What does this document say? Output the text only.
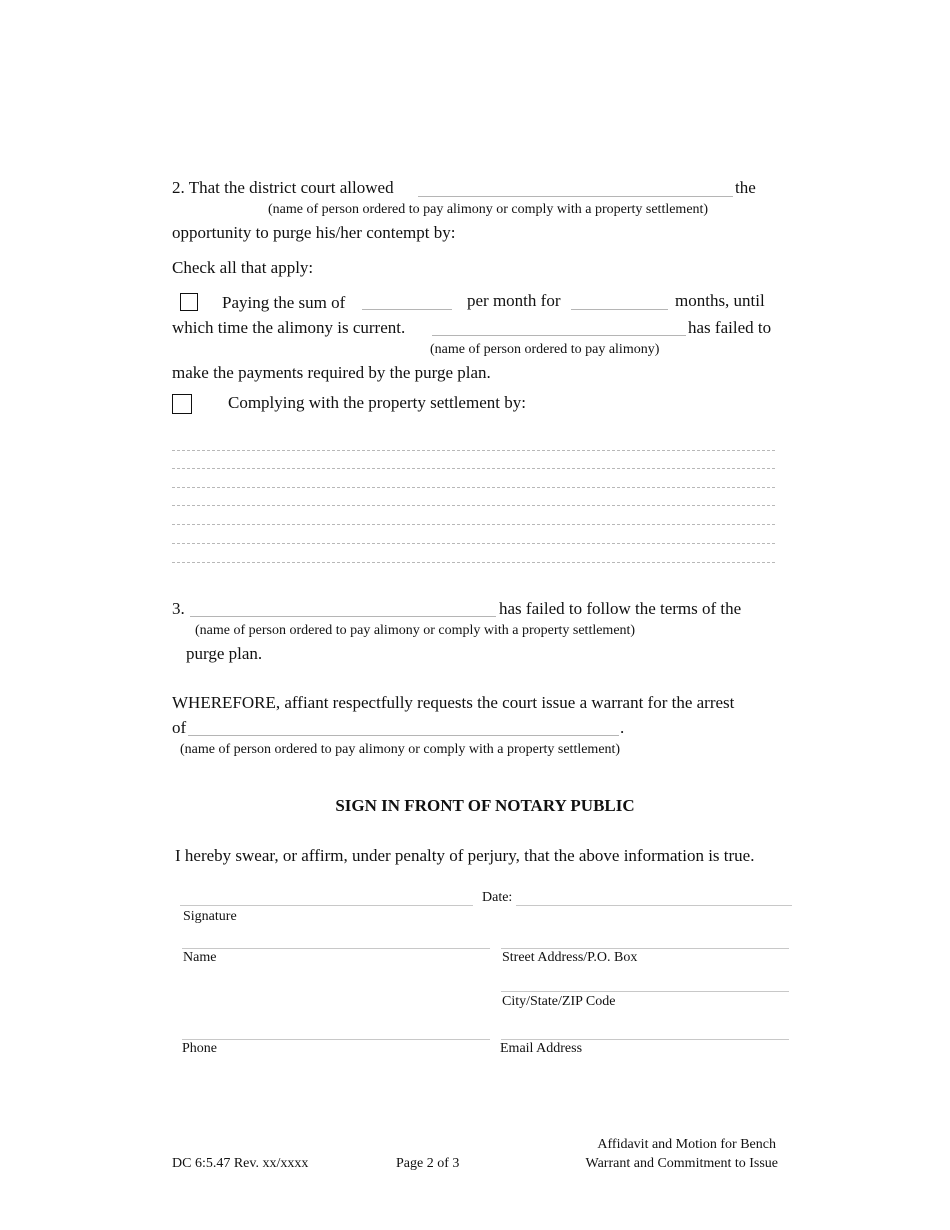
2. That the district court allowed	the
(name of person ordered to pay alimony or comply with a property settlement)
opportunity to purge his/her contempt by:
Check all that apply:
Paying the sum of	per month for	months, until
which time the alimony is current.	has failed to
(name of person ordered to pay alimony)
make the payments required by the purge plan.
Complying with the property settlement by:
3.	has failed to follow the terms of the
(name of person ordered to pay alimony or comply with a property settlement)
purge plan.
WHEREFORE, affiant respectfully requests the court issue a warrant for the arrest
of	.
(name of person ordered to pay alimony or comply with a property settlement)
SIGN IN FRONT OF NOTARY PUBLIC
I hereby swear, or affirm, under penalty of perjury, that the above information is true.
Date:
Signature
Name	Street Address/P.O. Box
City/State/ZIP Code
Phone	Email Address
DC 6:5.47 Rev. xx/xxxx	Page 2 of 3
Affidavit and Motion for Bench
Warrant and Commitment to Issue
